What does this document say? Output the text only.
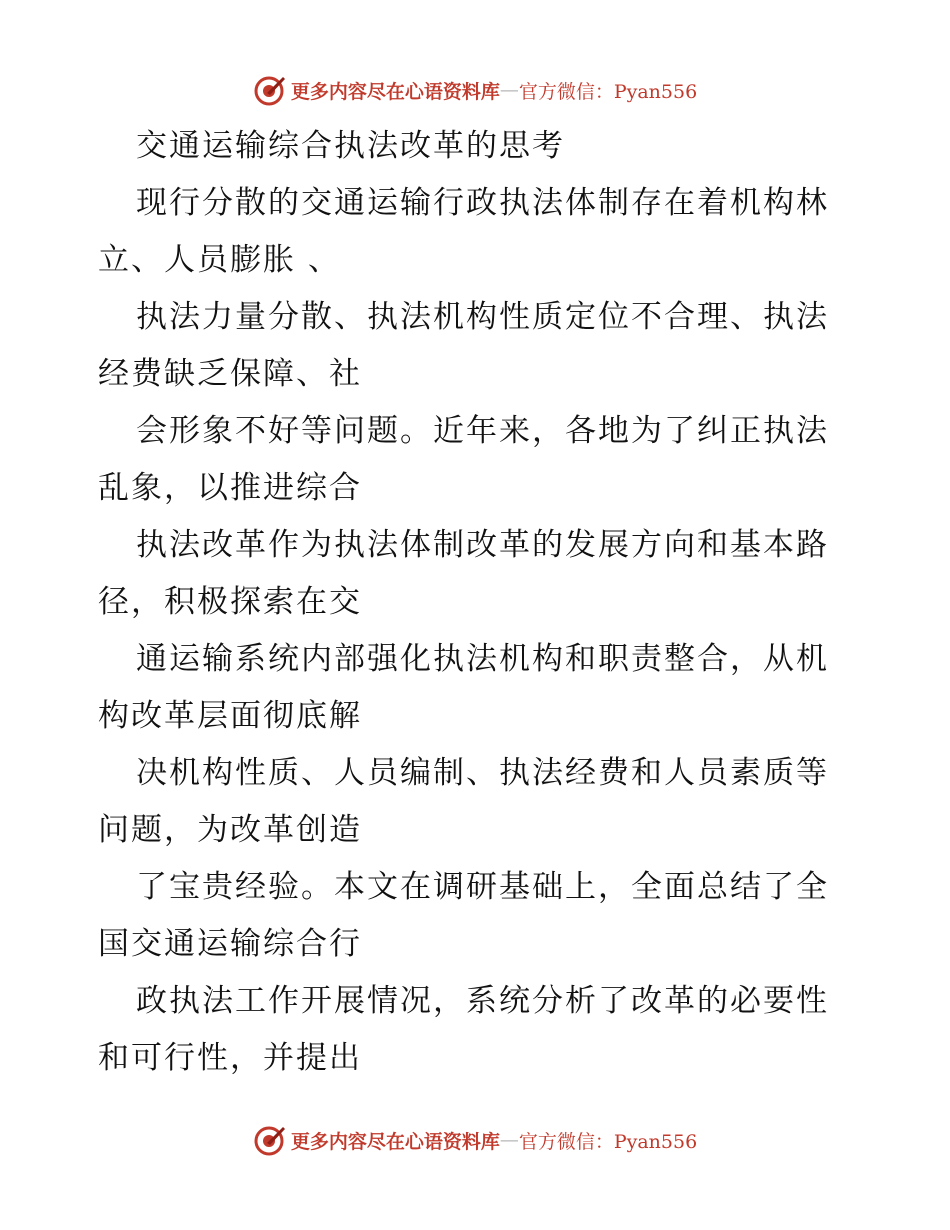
更多内容尽在心语资料库 — 官方微信：Pyan556
交通运输综合执法改革的思考
现行分散的交通运输行政执法体制存在着机构林
立、人员膨胀 、
执法力量分散、执法机构性质定位不合理、执法
经费缺乏保障、社
会形象不好等问题。近年来，各地为了纠正执法
乱象，以推进综合
执法改革作为执法体制改革的发展方向和基本路
径，积极探索在交
通运输系统内部强化执法机构和职责整合，从机
构改革层面彻底解
决机构性质、人员编制、执法经费和人员素质等
问题，为改革创造
了宝贵经验。本文在调研基础上，全面总结了全
国交通运输综合行
政执法工作开展情况，系统分析了改革的必要性
和可行性，并提出
更多内容尽在心语资料库 — 官方微信：Pyan556
